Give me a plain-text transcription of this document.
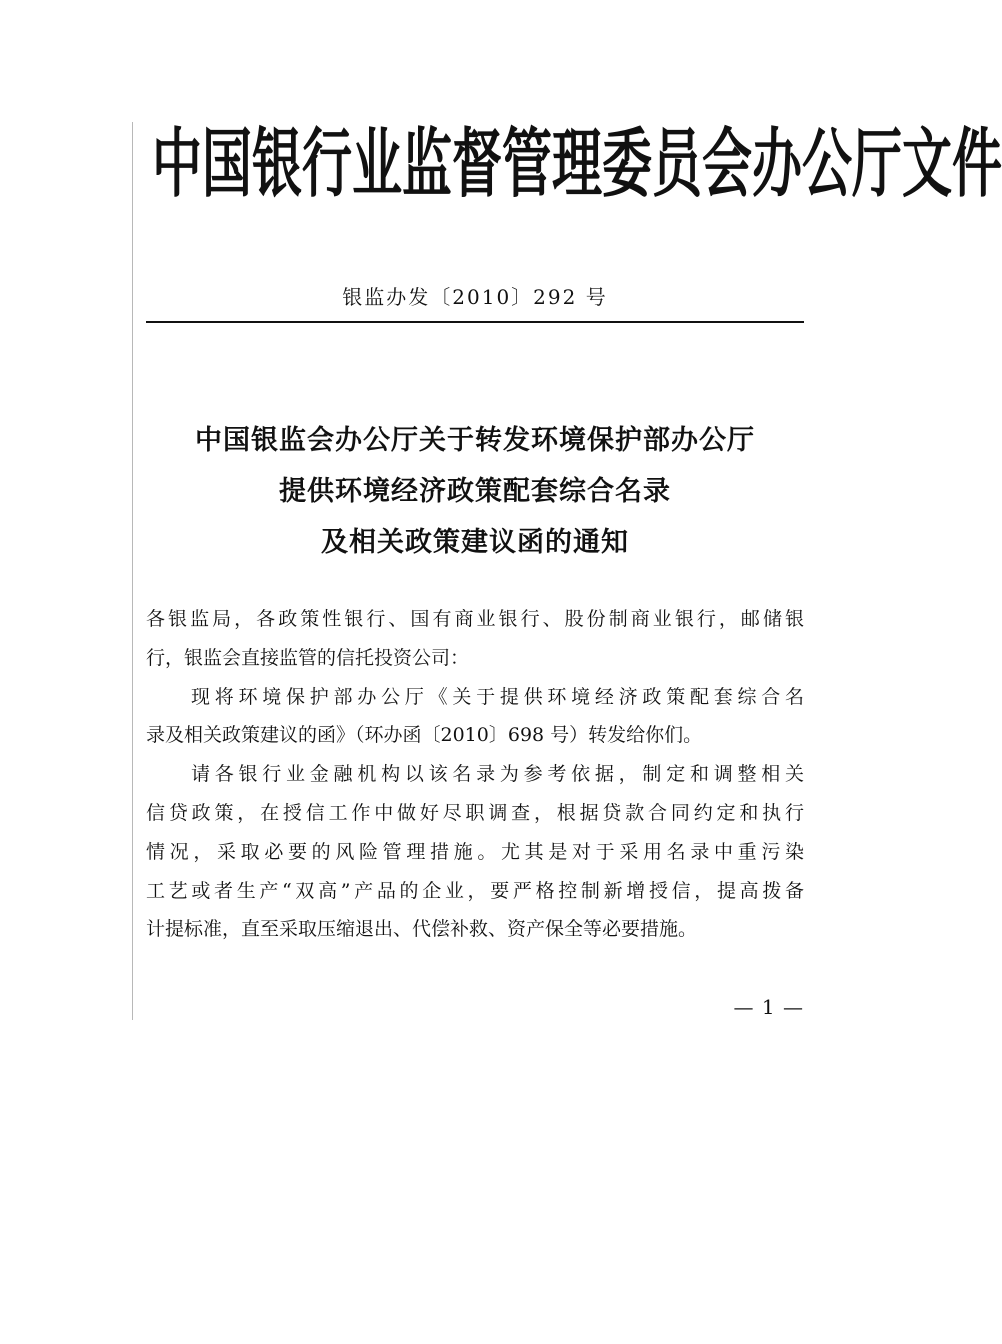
中 国 银 行 业 监 督 管 理 委 员 会 办 公 厅 文 件
银监办发〔2010〕292 号
中国银监会办公厅关于转发环境保护部办公厅
提供环境经济政策配套综合名录
及相关政策建议函的通知
各银监局，各政策性银行、国有商业银行、股份制商业银行，邮储银
行，银监会直接监管的信托投资公司：
现将环境保护部办公厅《关于提供环境经济政策配套综合名
录及相关政策建议的函》（环办函〔2010〕698 号）转发给你们。
请各银行业金融机构以该名录为参考依据，制定和调整相关
信贷政策，在授信工作中做好尽职调查，根据贷款合同约定和执行
情况，采取必要的风险管理措施。尤其是对于采用名录中重污染
工艺或者生产“双高”产品的企业，要严格控制新增授信，提高拨备
计提标准，直至采取压缩退出、代偿补救、资产保全等必要措施。
— 1 —
